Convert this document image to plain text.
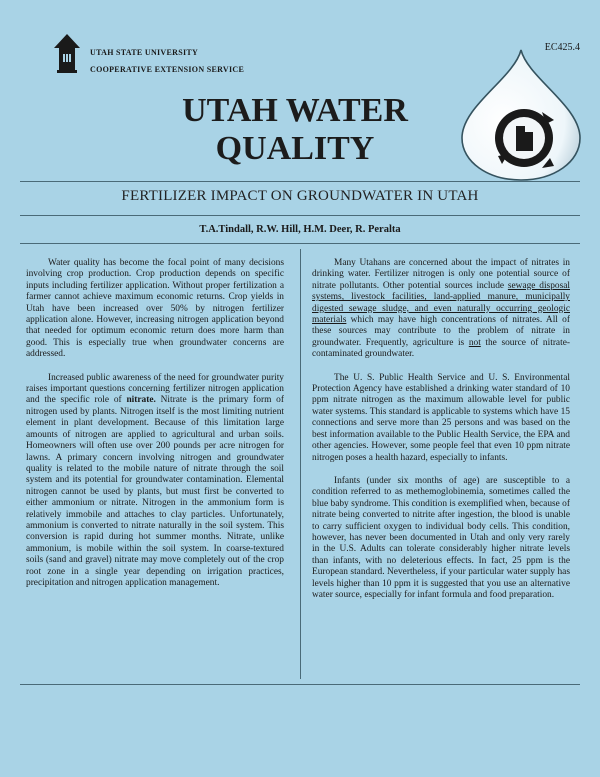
UTAH STATE UNIVERSITY
COOPERATIVE EXTENSION SERVICE
EC425.4
UTAH WATER
QUALITY
FERTILIZER IMPACT ON GROUNDWATER IN UTAH
T.A.Tindall, R.W. Hill, H.M. Deer, R. Peralta

Water quality has become the focal point of many decisions involving crop production. Crop production depends on specific inputs including fertilizer application. Without proper fertilization a farmer cannot achieve maximum economic returns. Crop yields in Utah have been increased over 50% by nitrogen fertilizer application alone. However, increasing nitrogen application beyond that needed for optimum economic return does more harm than good. This is especially true when groundwater concerns are addressed.

Increased public awareness of the need for groundwater purity raises important questions concerning fertilizer nitrogen application and the specific role of nitrate. Nitrate is the primary form of nitrogen used by plants. Nitrogen itself is the most limiting nutrient element in plant development. Because of this limitation large amounts of nitrogen are applied to agricultural and urban soils. Homeowners will often use over 200 pounds per acre nitrogen for lawns. A primary concern involving nitrogen and groundwater quality is related to the mobile nature of nitrate through the soil system and its potential for groundwater contamination. Elemental nitrogen cannot be used by plants, but must first be converted to either ammonium or nitrate. Nitrogen in the ammonium form is relatively immobile and attaches to clay particles. Unfortunately, ammonium is converted to nitrate naturally in the soil system. This conversion is rapid during hot summer months. Nitrate, unlike ammonium, is mobile within the soil system. In coarse-textured soils (sand and gravel) nitrate may move completely out of the crop root zone in a single year depending on irrigation practices, precipitation and nitrogen application management.

Many Utahans are concerned about the impact of nitrates in drinking water. Fertilizer nitrogen is only one potential source of nitrate pollutants. Other potential sources include sewage disposal systems, livestock facilities, land-applied manure, municipally digested sewage sludge, and even naturally occurring geologic materials which may have high concentrations of nitrates. All of these sources may contribute to the problem of nitrate in groundwater. Frequently, agriculture is not the source of nitrate-contaminated groundwater.

The U. S. Public Health Service and U. S. Environmental Protection Agency have established a drinking water standard of 10 ppm nitrate nitrogen as the maximum allowable level for public water systems. This standard is applicable to systems which have 15 connections and serve more than 25 persons and was based on the best information available to the Public Health Service, the EPA and other agencies. However, some people feel that even 10 ppm nitrate nitrogen poses a health hazard, especially to infants.

Infants (under six months of age) are susceptible to a condition referred to as methemoglobinemia, sometimes called the blue baby syndrome. This condition is exemplified when, because of nitrate being converted to nitrite after ingestion, the blood is unable to carry sufficient oxygen to individual body cells. This condition, however, has never been documented in Utah and only very rarely in the U.S. Adults can tolerate considerably higher nitrate levels than infants, with no deleterious effects. In fact, 25 ppm is the European standard. Nevertheless, if your particular water supply has levels higher than 10 ppm it is suggested that you use an alternative water source, especially for infant formula and food preparation.
